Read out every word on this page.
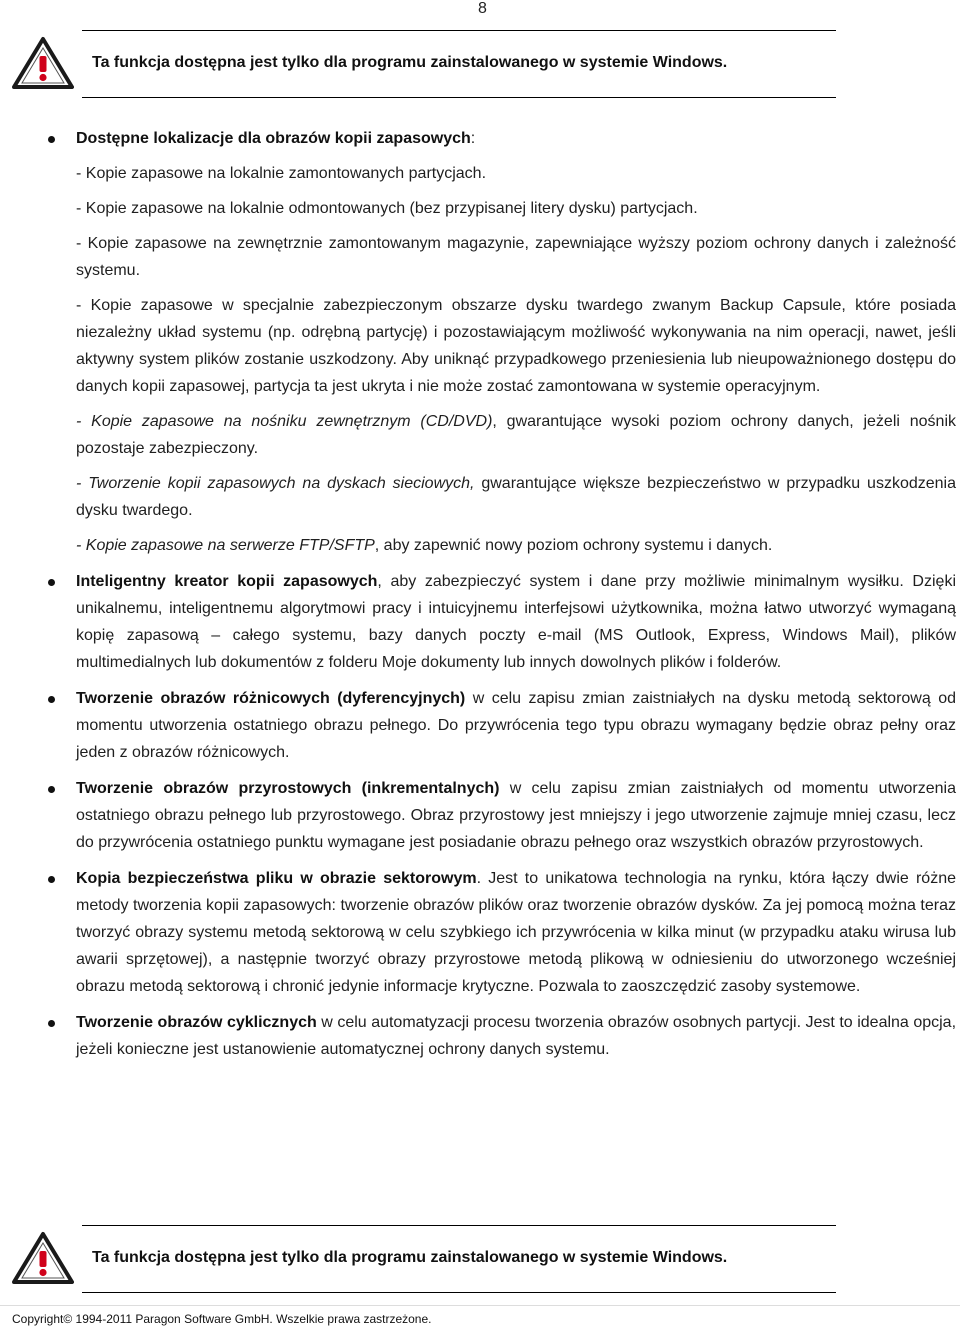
8
Ta funkcja dostępna jest tylko dla programu zainstalowanego w systemie Windows.
Dostępne lokalizacje dla obrazów kopii zapasowych:
- Kopie zapasowe na lokalnie zamontowanych partycjach.
- Kopie zapasowe na lokalnie odmontowanych (bez przypisanej litery dysku) partycjach.
- Kopie zapasowe na zewnętrznie zamontowanym magazynie, zapewniające wyższy poziom ochrony danych i zależność systemu.
- Kopie zapasowe w specjalnie zabezpieczonym obszarze dysku twardego zwanym Backup Capsule, które posiada niezależny układ systemu (np. odrębną partycję) i pozostawiającym możliwość wykonywania na nim operacji, nawet, jeśli aktywny system plików zostanie uszkodzony. Aby uniknąć przypadkowego przeniesienia lub nieupoważnionego dostępu do danych kopii zapasowej, partycja ta jest ukryta i nie może zostać zamontowana w systemie operacyjnym.
- Kopie zapasowe na nośniku zewnętrznym (CD/DVD), gwarantujące wysoki poziom ochrony danych, jeżeli nośnik pozostaje zabezpieczony.
- Tworzenie kopii zapasowych na dyskach sieciowych, gwarantujące większe bezpieczeństwo w przypadku uszkodzenia dysku twardego.
- Kopie zapasowe na serwerze FTP/SFTP, aby zapewnić nowy poziom ochrony systemu i danych.
Inteligentny kreator kopii zapasowych, aby zabezpieczyć system i dane przy możliwie minimalnym wysiłku. Dzięki unikalnemu, inteligentnemu algorytmowi pracy i intuicyjnemu interfejsowi użytkownika, można łatwo utworzyć wymaganą kopię zapasową – całego systemu, bazy danych poczty e-mail (MS Outlook, Express, Windows Mail), plików multimedialnych lub dokumentów z folderu Moje dokumenty lub innych dowolnych plików i folderów.
Tworzenie obrazów różnicowych (dyferencyjnych) w celu zapisu zmian zaistniałych na dysku metodą sektorową od momentu utworzenia ostatniego obrazu pełnego. Do przywrócenia tego typu obrazu wymagany będzie obraz pełny oraz jeden z obrazów różnicowych.
Tworzenie obrazów przyrostowych (inkrementalnych) w celu zapisu zmian zaistniałych od momentu utworzenia ostatniego obrazu pełnego lub przyrostowego. Obraz przyrostowy jest mniejszy i jego utworzenie zajmuje mniej czasu, lecz do przywrócenia ostatniego punktu wymagane jest posiadanie obrazu pełnego oraz wszystkich obrazów przyrostowych.
Kopia bezpieczeństwa pliku w obrazie sektorowym. Jest to unikatowa technologia na rynku, która łączy dwie różne metody tworzenia kopii zapasowych: tworzenie obrazów plików oraz tworzenie obrazów dysków. Za jej pomocą można teraz tworzyć obrazy systemu metodą sektorową w celu szybkiego ich przywrócenia w kilka minut (w przypadku ataku wirusa lub awarii sprzętowej), a następnie tworzyć obrazy przyrostowe metodą plikową w odniesieniu do utworzonego wcześniej obrazu metodą sektorową i chronić jedynie informacje krytyczne. Pozwala to zaoszczędzić zasoby systemowe.
Tworzenie obrazów cyklicznych w celu automatyzacji procesu tworzenia obrazów osobnych partycji. Jest to idealna opcja, jeżeli konieczne jest ustanowienie automatycznej ochrony danych systemu.
Ta funkcja dostępna jest tylko dla programu zainstalowanego w systemie Windows.
Copyright© 1994-2011 Paragon Software GmbH. Wszelkie prawa zastrzeżone.
